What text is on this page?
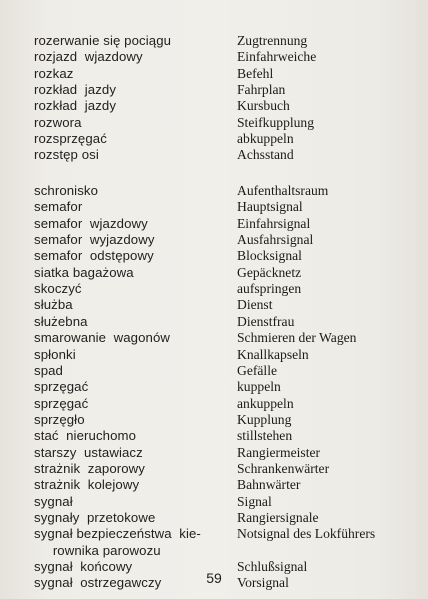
rozerwanie się pociągu	Zugtrennung
rozjazd  wjazdowy	Einfahrweiche
rozkaz	Befehl
rozkład  jazdy	Fahrplan
rozkład  jazdy	Kursbuch
rozwora	Steifkupplung
rozsprzęgać	abkuppeln
rozstęp osi	Achsstand
schronisko	Aufenthaltsraum
semafor	Hauptsignal
semafor  wjazdowy	Einfahrsignal
semafor  wyjazdowy	Ausfahrsignal
semafor  odstępowy	Blocksignal
siatka bagażowa	Gepäcknetz
skoczyć	aufspringen
służba	Dienst
służebna	Dienstfrau
smarowanie  wagonów	Schmieren der Wagen
spłonki	Knallkapseln
spad	Gefälle
sprzęgać	kuppeln
sprzęgać	ankuppeln
sprzęgło	Kupplung
stać  nieruchomo	stillstehen
starszy  ustawiacz	Rangiermeister
strażnik  zaporowy	Schrankenwärter
strażnik  kolejowy	Bahnwärter
sygnał	Signal
sygnały  przetokowe	Rangiersignale
sygnał bezpieczeństwa  kie-	Notsignal des Lokführers
rownika parowozu
sygnał  końcowy	Schlußsignal
sygnał  ostrzegawczy	Vorsignal
59
